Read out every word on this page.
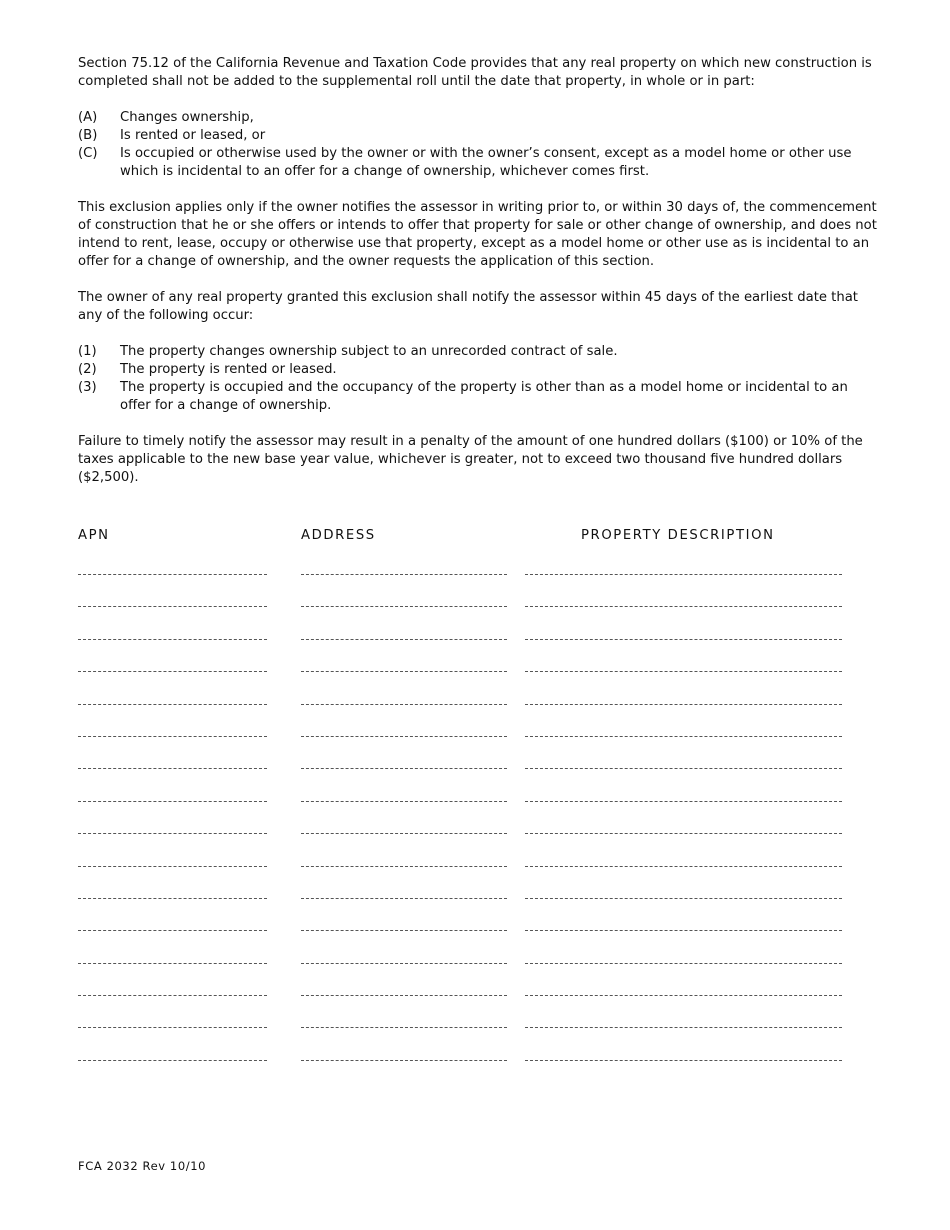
Section 75.12 of the California Revenue and Taxation Code provides that any real property on which new construction is completed shall not be added to the supplemental roll until the date that property, in whole or in part:

(A)	Changes ownership,
(B)	Is rented or leased, or
(C)	Is occupied or otherwise used by the owner or with the owner’s consent, except as a model home or other use which is incidental to an offer for a change of ownership, whichever comes first.

This exclusion applies only if the owner notifies the assessor in writing prior to, or within 30 days of, the commencement of construction that he or she offers or intends to offer that property for sale or other change of ownership, and does not intend to rent, lease, occupy or otherwise use that property, except as a model home or other use as is incidental to an offer for a change of ownership, and the owner requests the application of this section.

The owner of any real property granted this exclusion shall notify the assessor within 45 days of the earliest date that any of the following occur:

(1)	The property changes ownership subject to an unrecorded contract of sale.
(2)	The property is rented or leased.
(3)	The property is occupied and the occupancy of the property is other than as a model home or incidental to an offer for a change of ownership.

Failure to timely notify the assessor may result in a penalty of the amount of one hundred dollars ($100) or 10% of the taxes applicable to the new base year value, whichever is greater, not to exceed two thousand five hundred dollars ($2,500).

APN	ADDRESS	PROPERTY DESCRIPTION
FCA 2032 Rev 10/10
